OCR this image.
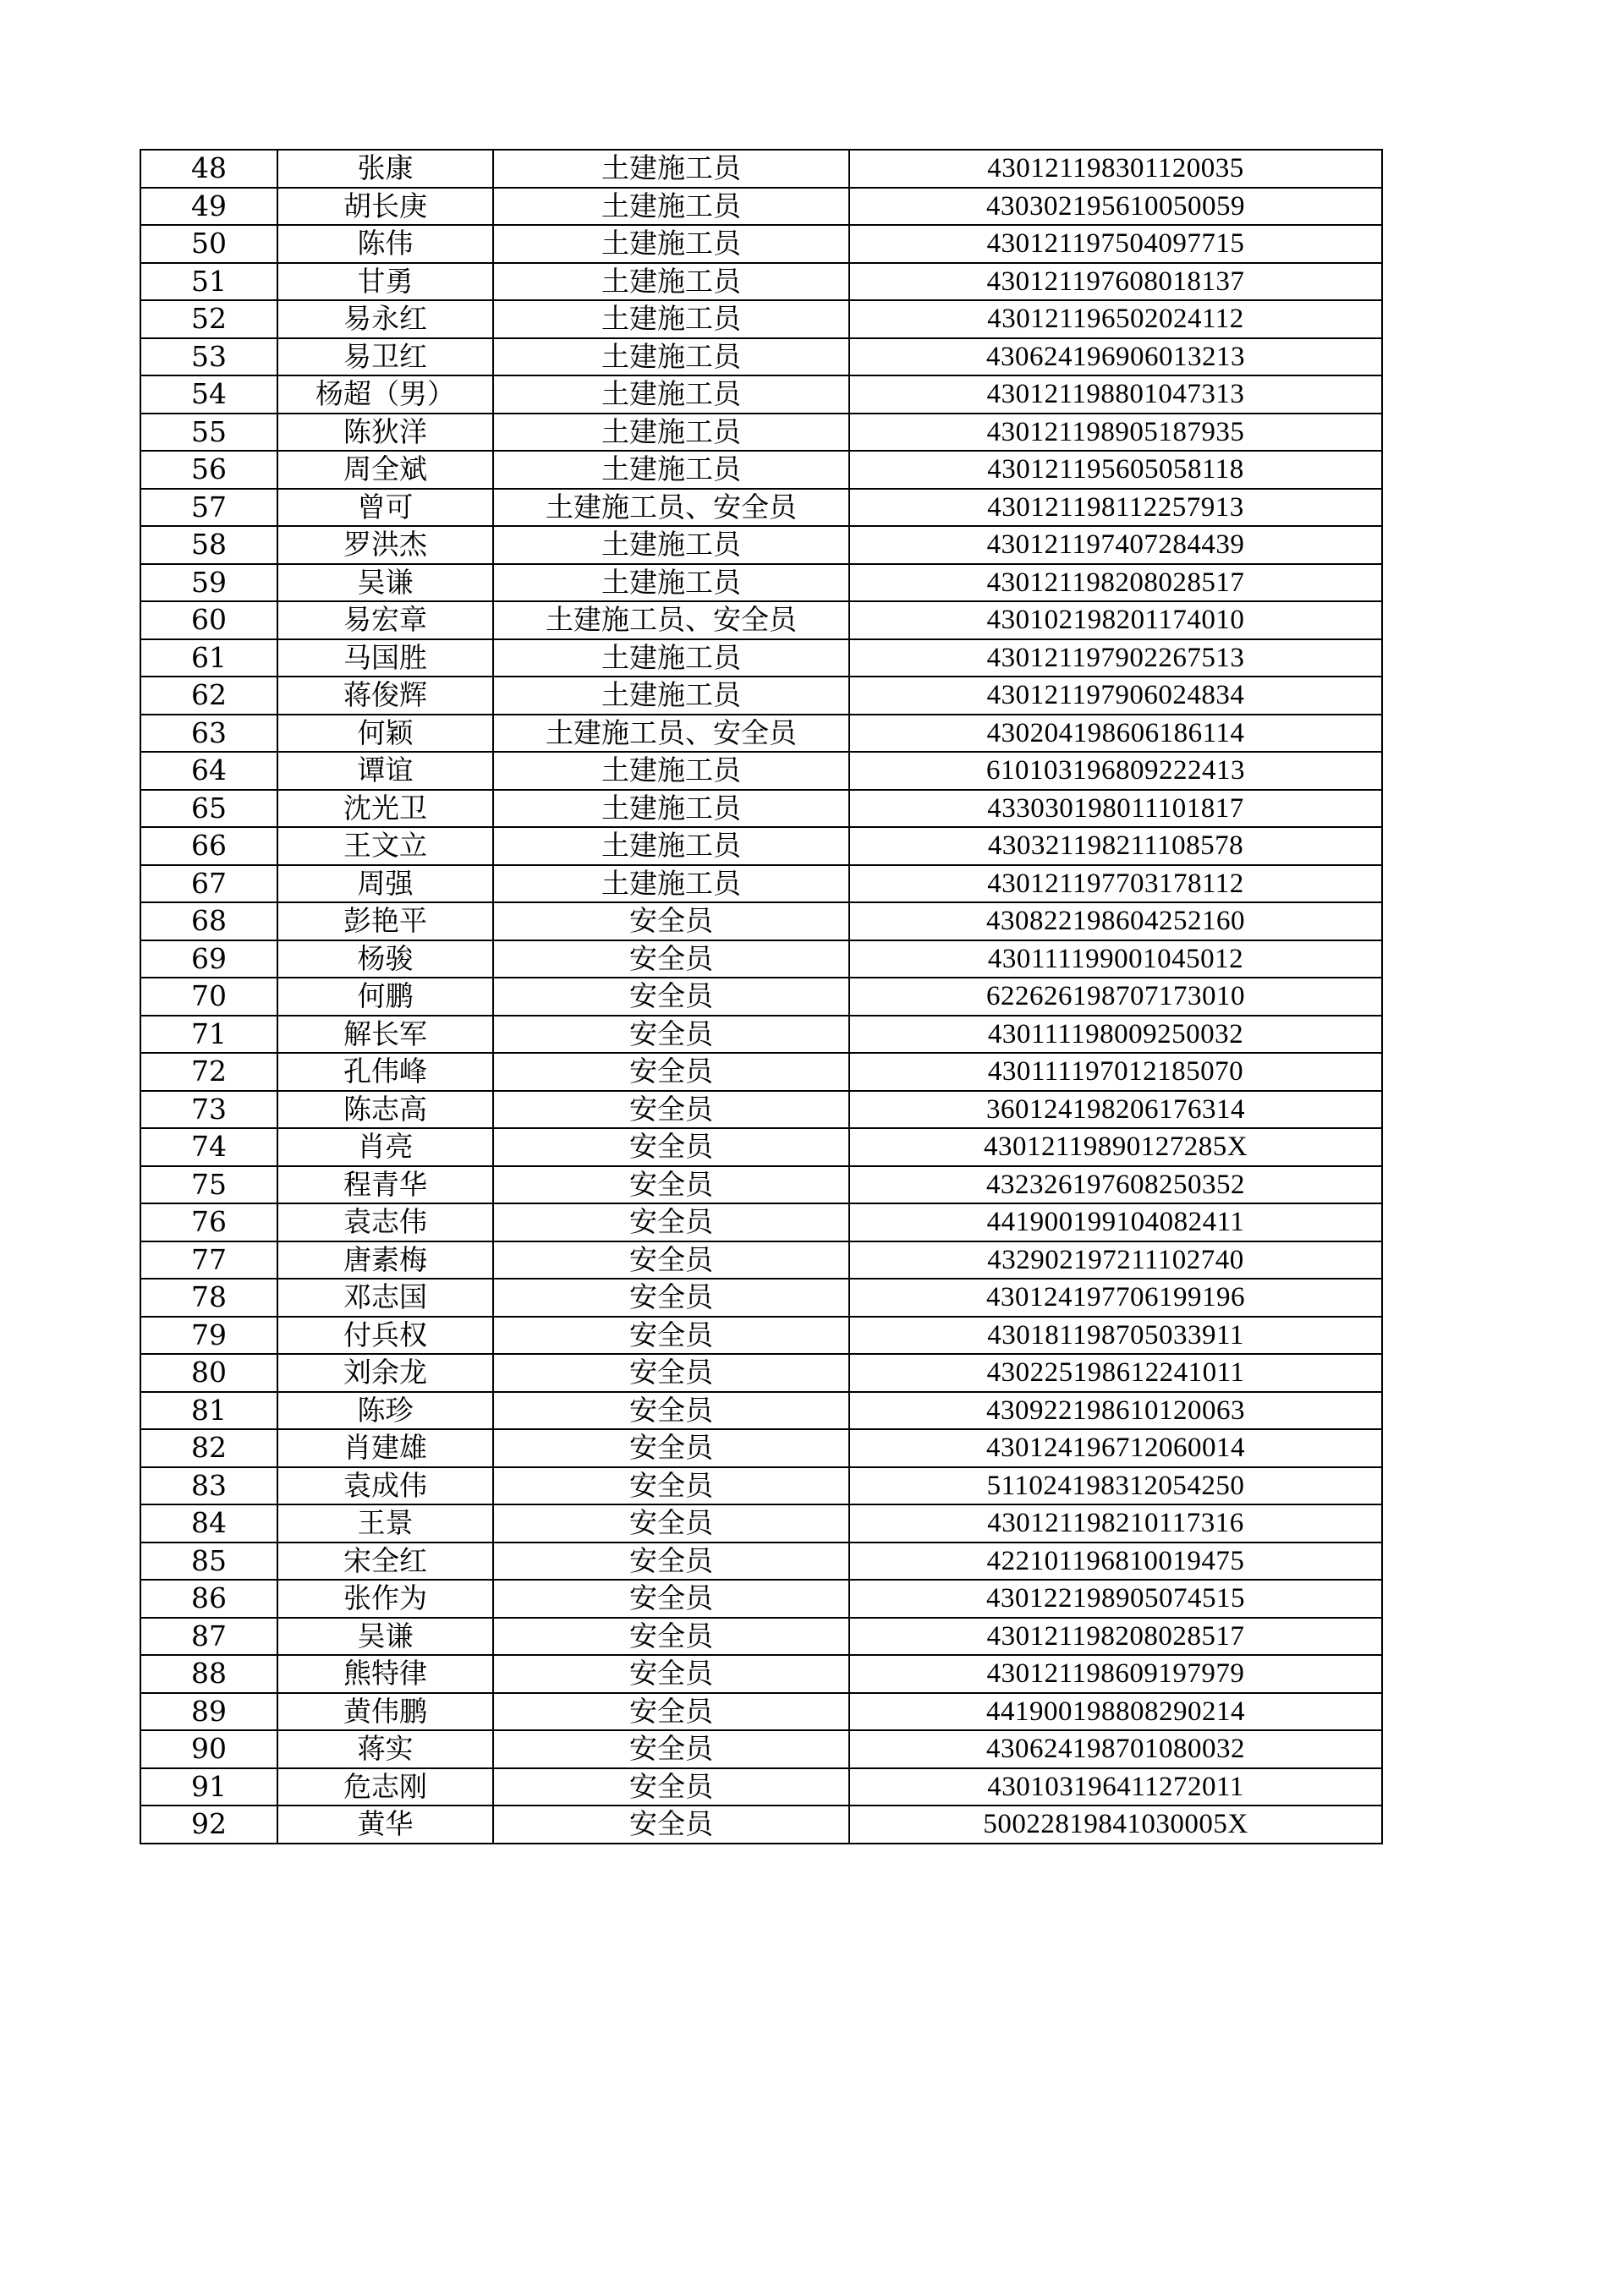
48	张康	土建施工员	430121198301120035
49	胡长庚	土建施工员	430302195610050059
50	陈伟	土建施工员	430121197504097715
51	甘勇	土建施工员	430121197608018137
52	易永红	土建施工员	430121196502024112
53	易卫红	土建施工员	430624196906013213
54	杨超（男）	土建施工员	430121198801047313
55	陈狄洋	土建施工员	430121198905187935
56	周全斌	土建施工员	430121195605058118
57	曾可	土建施工员、安全员	430121198112257913
58	罗洪杰	土建施工员	430121197407284439
59	吴谦	土建施工员	430121198208028517
60	易宏章	土建施工员、安全员	430102198201174010
61	马国胜	土建施工员	430121197902267513
62	蒋俊辉	土建施工员	430121197906024834
63	何颖	土建施工员、安全员	430204198606186114
64	谭谊	土建施工员	610103196809222413
65	沈光卫	土建施工员	433030198011101817
66	王文立	土建施工员	430321198211108578
67	周强	土建施工员	430121197703178112
68	彭艳平	安全员	430822198604252160
69	杨骏	安全员	430111199001045012
70	何鹏	安全员	622626198707173010
71	解长军	安全员	430111198009250032
72	孔伟峰	安全员	430111197012185070
73	陈志高	安全员	360124198206176314
74	肖亮	安全员	43012119890127285X
75	程青华	安全员	432326197608250352
76	袁志伟	安全员	441900199104082411
77	唐素梅	安全员	432902197211102740
78	邓志国	安全员	430124197706199196
79	付兵权	安全员	430181198705033911
80	刘余龙	安全员	430225198612241011
81	陈珍	安全员	430922198610120063
82	肖建雄	安全员	430124196712060014
83	袁成伟	安全员	511024198312054250
84	王景	安全员	430121198210117316
85	宋全红	安全员	422101196810019475
86	张作为	安全员	430122198905074515
87	吴谦	安全员	430121198208028517
88	熊特律	安全员	430121198609197979
89	黄伟鹏	安全员	441900198808290214
90	蒋实	安全员	430624198701080032
91	危志刚	安全员	430103196411272011
92	黄华	安全员	50022819841030005X
